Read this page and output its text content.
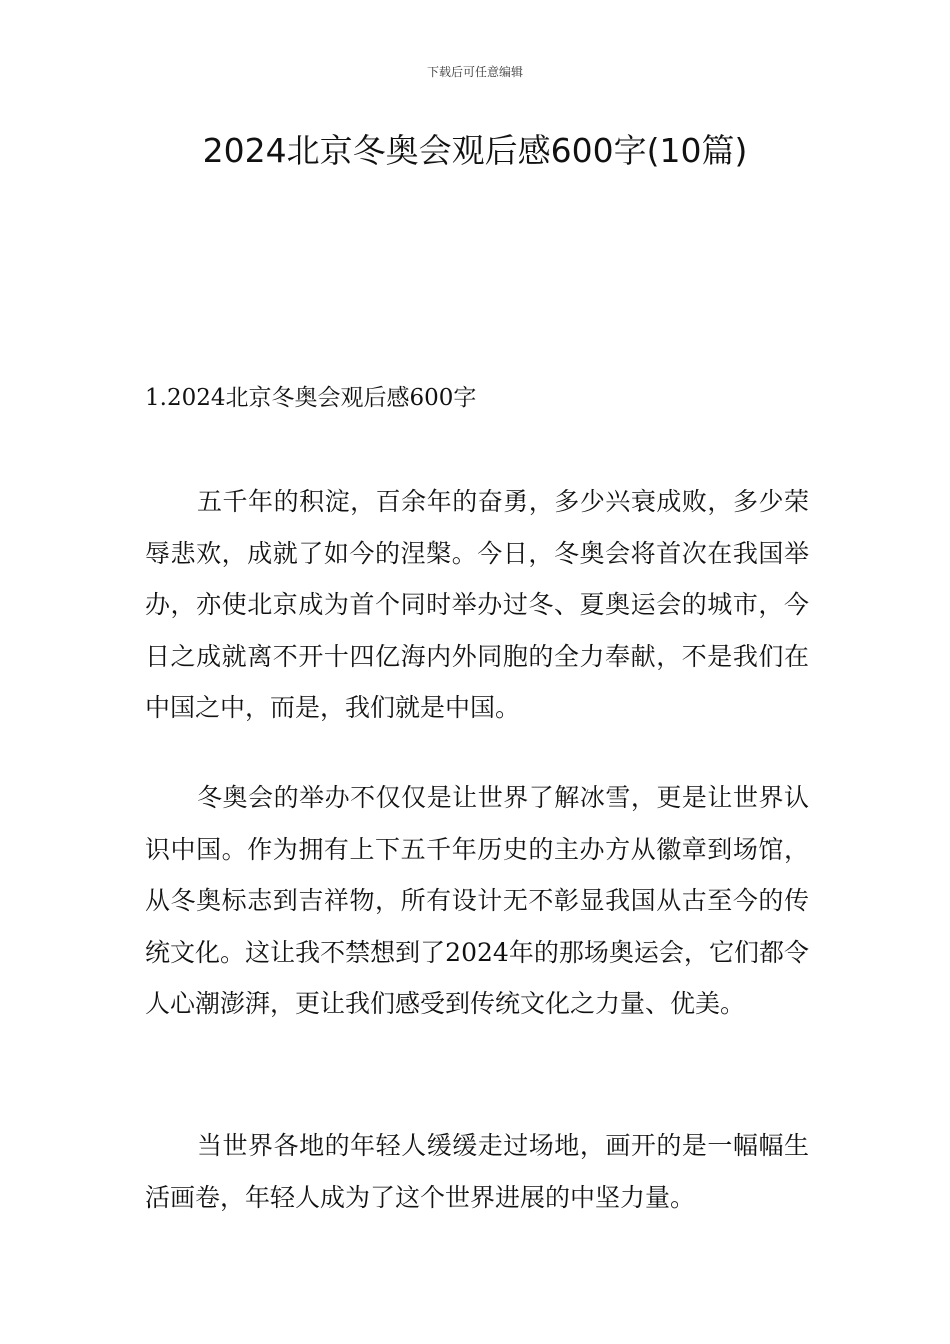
下载后可任意编辑
2024北京冬奥会观后感600字(10篇)
1.2024北京冬奥会观后感600字

五千年的积淀，百余年的奋勇，多少兴衰成败，多少荣辱悲欢，成就了如今的涅槃。今日，冬奥会将首次在我国举办，亦使北京成为首个同时举办过冬、夏奥运会的城市，今日之成就离不开十四亿海内外同胞的全力奉献，不是我们在中国之中，而是，我们就是中国。

冬奥会的举办不仅仅是让世界了解冰雪，更是让世界认识中国。作为拥有上下五千年历史的主办方从徽章到场馆，从冬奥标志到吉祥物，所有设计无不彰显我国从古至今的传统文化。这让我不禁想到了2024年的那场奥运会，它们都令人心潮澎湃，更让我们感受到传统文化之力量、优美。

当世界各地的年轻人缓缓走过场地，画开的是一幅幅生活画卷，年轻人成为了这个世界进展的中坚力量。
